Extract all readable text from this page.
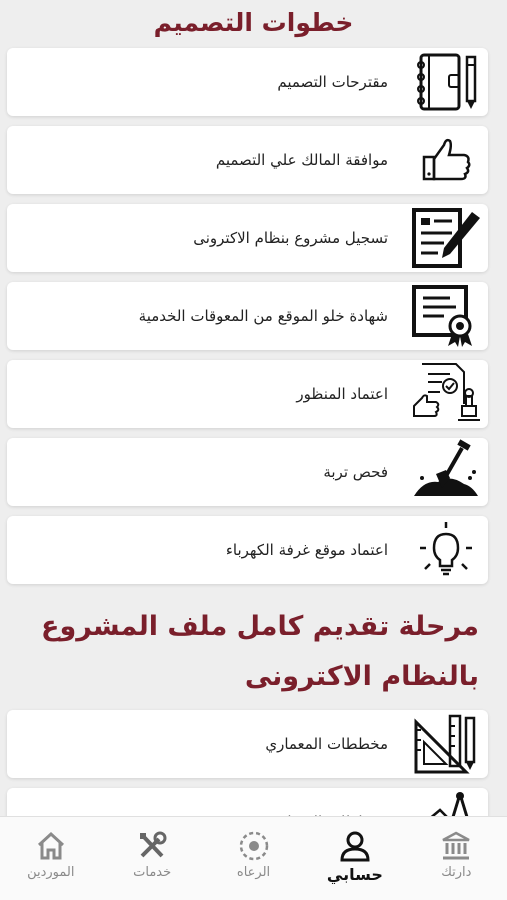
خطوات التصميم
مقترحات التصميم
موافقة المالك علي التصميم
تسجيل مشروع بنظام الاكترونى
شهادة خلو الموقع من المعوقات الخدمية
اعتماد المنظور
فحص تربة
اعتماد موقع غرفة الكهرباء
مرحلة تقديم كامل ملف المشروع بالنظام الاكترونى
مخططات المعماري
دارتك
حسابي
الرعاه
خدمات
الموردين
